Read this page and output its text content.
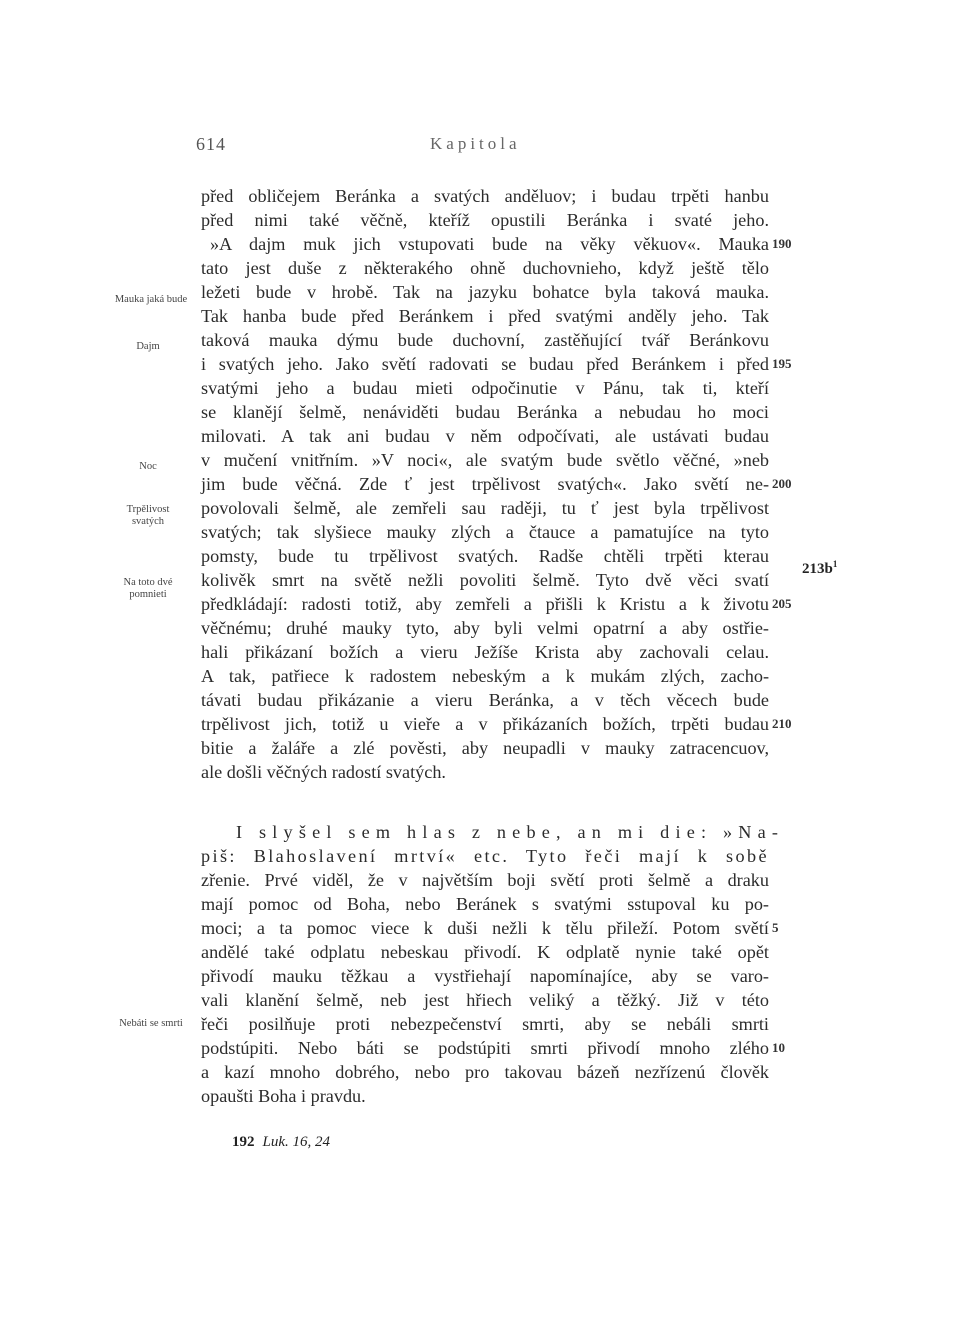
614	Kapitola
před obličejem Beránka a svatých anděluov; i budau trpěti hanbu
před nimi také věčně, kteříž opustili Beránka i svaté jeho.
»A dajm muk jich vstupovati bude na věky věkuov«. Mauka
tato jest duše z některakého ohně duchovnieho, když ještě tělo
ležeti bude v hrobě. Tak na jazyku bohatce byla taková mauka.
Tak hanba bude před Beránkem i před svatými anděly jeho. Tak
taková mauka dýmu bude duchovní, zastěňující tvář Beránkovu
i svatých jeho. Jako světí radovati se budau před Beránkem i před
svatými jeho a budau mieti odpočinutie v Pánu, tak ti, kteří
se klanějí šelmě, nenáviděti budau Beránka a nebudau ho moci
milovati. A tak ani budau v něm odpočívati, ale ustávati budau
v mučení vnitřním. »V noci«, ale svatým bude světlo věčné, »neb
jim bude věčná. Zde ť jest trpělivost svatých«. Jako světí ne-
povolovali šelmě, ale zemřeli sau raději, tu ť jest byla trpělivost
svatých; tak slyšiece mauky zlých a čtauce a pamatujíce na tyto
pomsty, bude tu trpělivost svatých. Radše chtěli trpěti kterau
kolivěk smrt na světě nežli povoliti šelmě. Tyto dvě věci svatí
předkládají: radosti totiž, aby zemřeli a přišli k Kristu a k životu
věčnému; druhé mauky tyto, aby byli velmi opatrní a aby ostřie-
hali přikázaní božích a vieru Ježíše Krista aby zachovali celau.
A tak, patřiece k radostem nebeským a k mukám zlých, zacho-
távati budau přikázanie a vieru Beránka, a v těch věcech bude
trpělivost jich, totiž u vieře a v přikázaních božích, trpěti budau
bitie a žaláře a zlé pověsti, aby neupadli v mauky zatracencuov,
ale došli věčných radostí svatých.
I slyšel sem hlas z nebe, an mi die: »Na-
piš: Blahoslavení mrtví« etc. Tyto řeči mají k sobě
zřenie. Prvé viděl, že v najvětším boji světí proti šelmě a draku
mají pomoc od Boha, nebo Beránek s svatými sstupoval ku po-
moci; a ta pomoc viece k duši nežli k tělu přileží. Potom světí
andělé také odplatu nebeskau přivodí. K odplatě nynie také opět
přivodí mauku těžkau a vystřiehají napomínajíce, aby se varo-
vali klanění šelmě, neb jest hřiech veliký a těžký. Již v této
řeči posilňuje proti nebezpečenství smrti, aby se nebáli smrti
podstúpiti. Nebo báti se podstúpiti smrti přivodí mnoho zlého
a kazí mnoho dobrého, nebo pro takovau bázeň nezřízenú člověk
opaušti Boha i pravdu.
190
195
200
205
210
5
10
$213b^1$
Mauka jaká bude
Dajm
Noc
Trpělivost svatých
Na toto dvé pomnieti
Nebáti se smrti
192 Luk. 16, 24
